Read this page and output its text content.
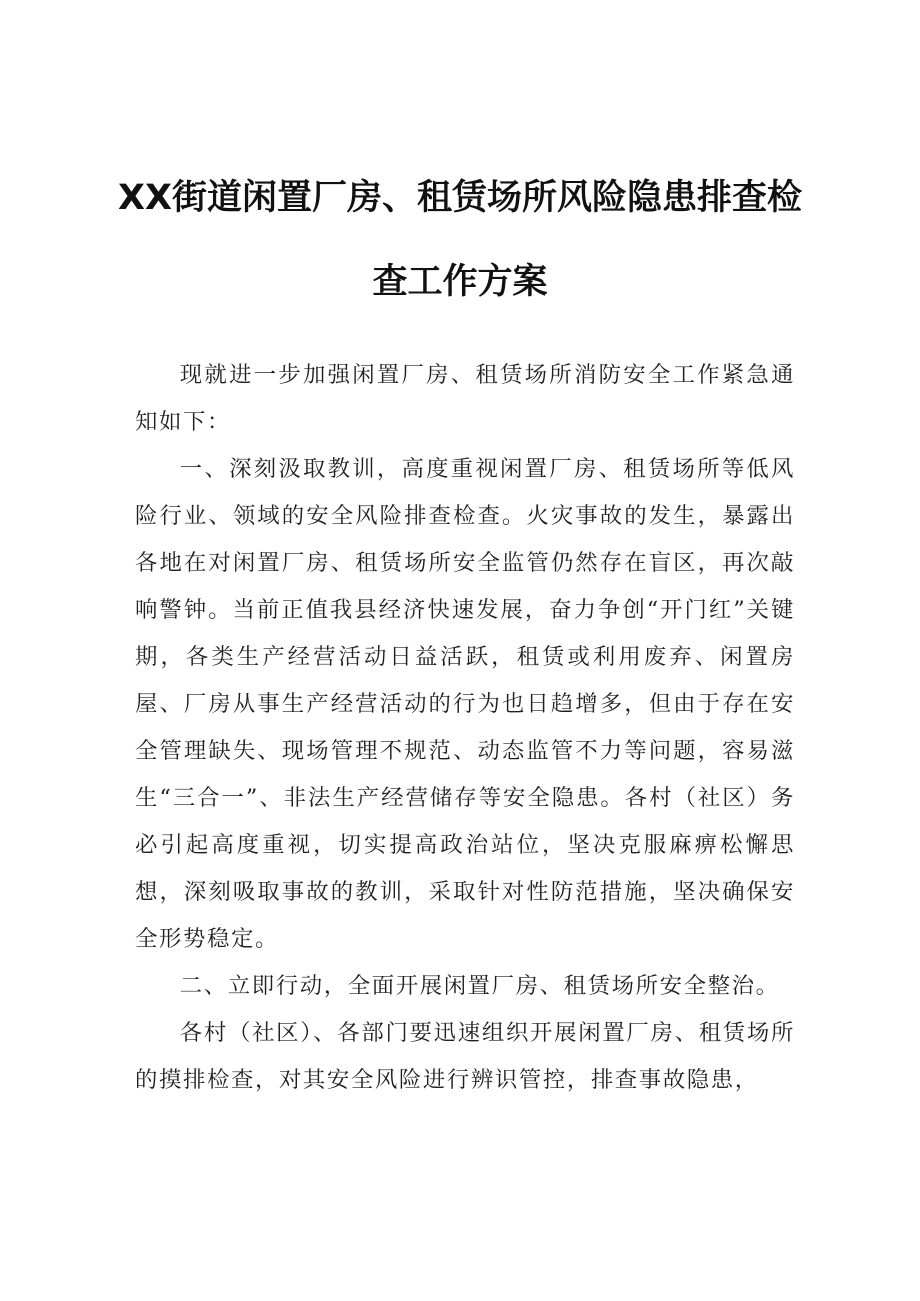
XX街道闲置厂房、租赁场所风险隐患排查检
查工作方案

现就进一步加强闲置厂房、租赁场所消防安全工作紧急通知如下：

一、深刻汲取教训，高度重视闲置厂房、租赁场所等低风险行业、领域的安全风险排查检查。火灾事故的发生，暴露出各地在对闲置厂房、租赁场所安全监管仍然存在盲区，再次敲响警钟。当前正值我县经济快速发展，奋力争创“开门红”关键期，各类生产经营活动日益活跃，租赁或利用废弃、闲置房屋、厂房从事生产经营活动的行为也日趋增多，但由于存在安全管理缺失、现场管理不规范、动态监管不力等问题，容易滋生“三合一”、非法生产经营储存等安全隐患。各村（社区）务必引起高度重视，切实提高政治站位，坚决克服麻痹松懈思想，深刻吸取事故的教训，采取针对性防范措施，坚决确保安全形势稳定。

二、立即行动，全面开展闲置厂房、租赁场所安全整治。

各村（社区）、各部门要迅速组织开展闲置厂房、租赁场所的摸排检查，对其安全风险进行辨识管控，排查事故隐患，
